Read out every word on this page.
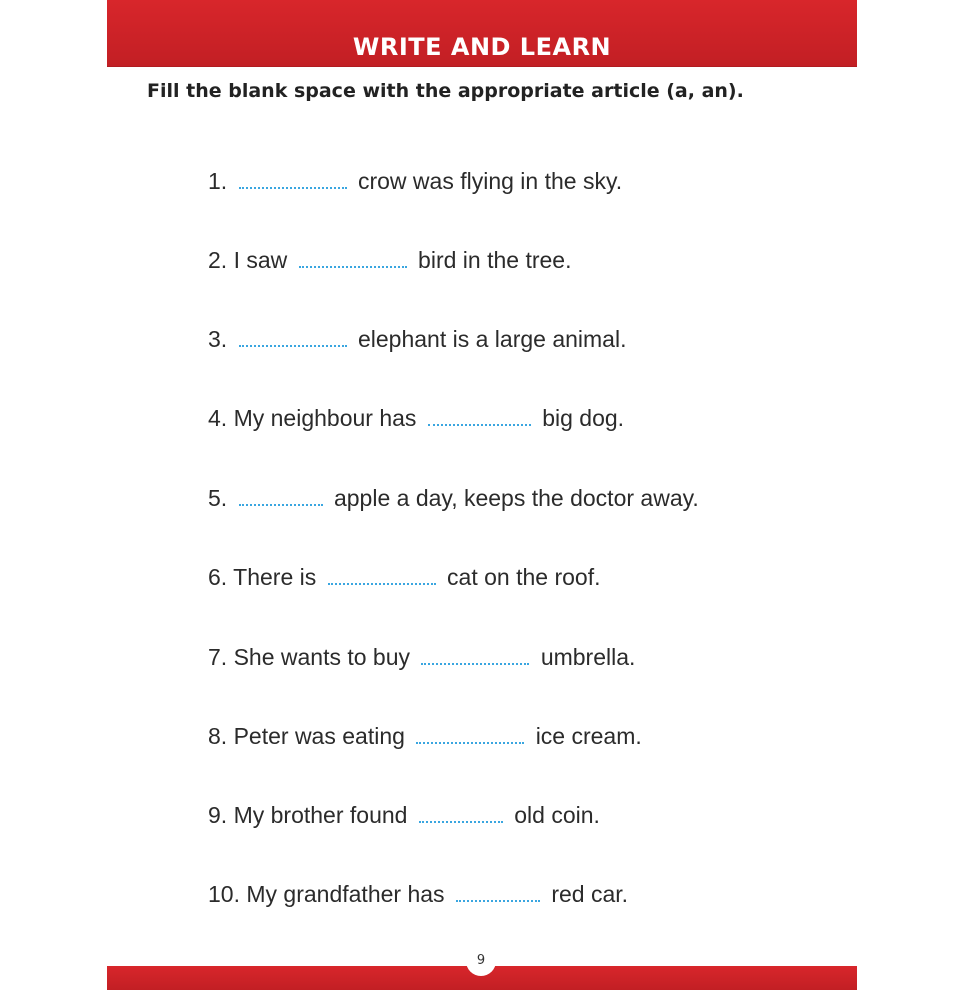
WRITE AND LEARN
Fill the blank space with the appropriate article (a, an).
1.	crow was flying in the sky.
2. I saw	bird in the tree.
3.	elephant is a large animal.
4. My neighbour has	big dog.
5.	apple a day, keeps the doctor away.
6. There is	cat on the roof.
7. She wants to buy	umbrella.
8. Peter was eating	ice cream.
9. My brother found	old coin.
10. My grandfather has	red car.
9
